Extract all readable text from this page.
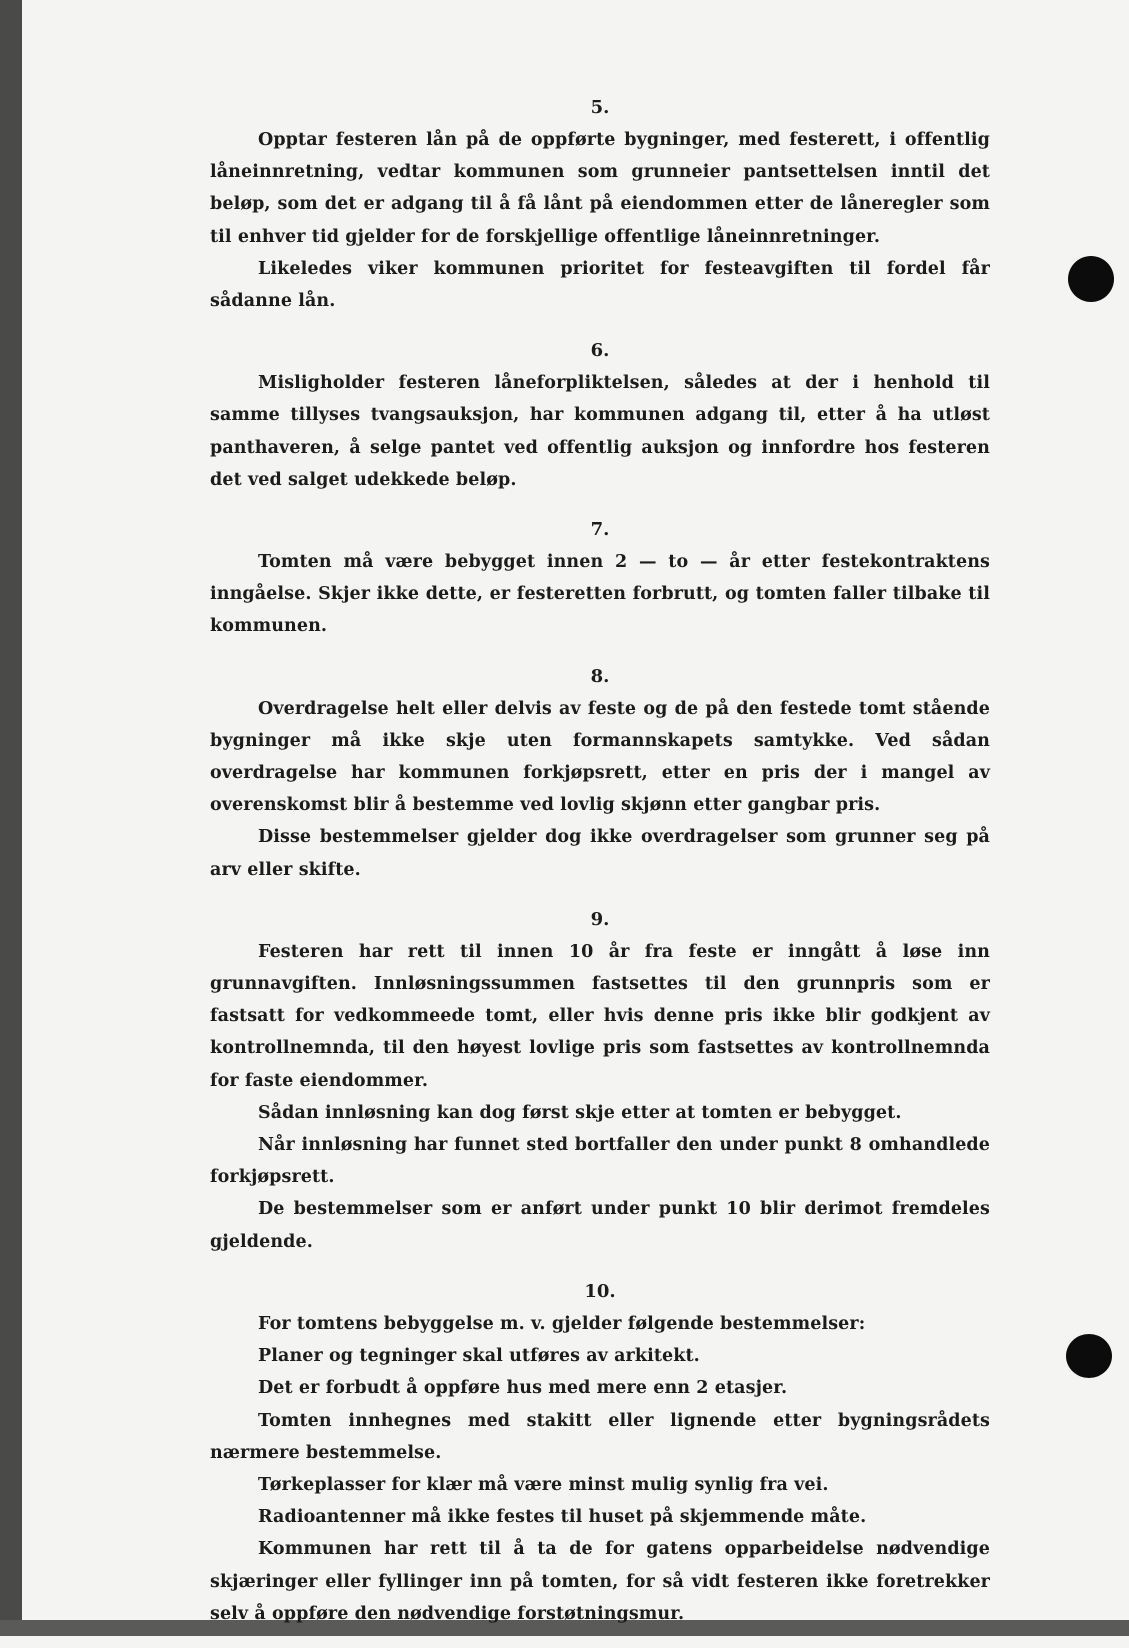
5.

Opptar festeren lån på de oppførte bygninger, med festerett, i offentlig låneinnretning, vedtar kommunen som grunneier pantsettelsen inntil det beløp, som det er adgang til å få lånt på eiendommen etter de låneregler som til enhver tid gjelder for de forskjellige offentlige låneinnretninger.

Likeledes viker kommunen prioritet for festeavgiften til fordel får sådanne lån.

6.

Misligholder festeren låneforpliktelsen, således at der i henhold til samme tillyses tvangsauksjon, har kommunen adgang til, etter å ha utløst panthaveren, å selge pantet ved offentlig auksjon og innfordre hos festeren det ved salget udekkede beløp.

7.

Tomten må være bebygget innen 2 — to — år etter festekontraktens inngåelse. Skjer ikke dette, er festeretten forbrutt, og tomten faller tilbake til kommunen.

8.

Overdragelse helt eller delvis av feste og de på den festede tomt stående bygninger må ikke skje uten formannskapets samtykke. Ved sådan overdragelse har kommunen forkjøpsrett, etter en pris der i mangel av overenskomst blir å bestemme ved lovlig skjønn etter gangbar pris.

Disse bestemmelser gjelder dog ikke overdragelser som grunner seg på arv eller skifte.

9.

Festeren har rett til innen 10 år fra feste er inngått å løse inn grunnavgiften. Innløsningssummen fastsettes til den grunnpris som er fastsatt for vedkommeede tomt, eller hvis denne pris ikke blir godkjent av kontrollnemnda, til den høyest lovlige pris som fastsettes av kontrollnemnda for faste eiendommer.

Sådan innløsning kan dog først skje etter at tomten er bebygget.

Når innløsning har funnet sted bortfaller den under punkt 8 omhandlede forkjøpsrett.

De bestemmelser som er anført under punkt 10 blir derimot fremdeles gjeldende.

10.

For tomtens bebyggelse m. v. gjelder følgende bestemmelser:

Planer og tegninger skal utføres av arkitekt.

Det er forbudt å oppføre hus med mere enn 2 etasjer.

Tomten innhegnes med stakitt eller lignende etter bygningsrådets nærmere bestemmelse.

Tørkeplasser for klær må være minst mulig synlig fra vei.

Radioantenner må ikke festes til huset på skjemmende måte.

Kommunen har rett til å ta de for gatens opparbeidelse nødvendige skjæringer eller fyllinger inn på tomten, for så vidt festeren ikke foretrekker selv å oppføre den nødvendige forstøtningsmur.
